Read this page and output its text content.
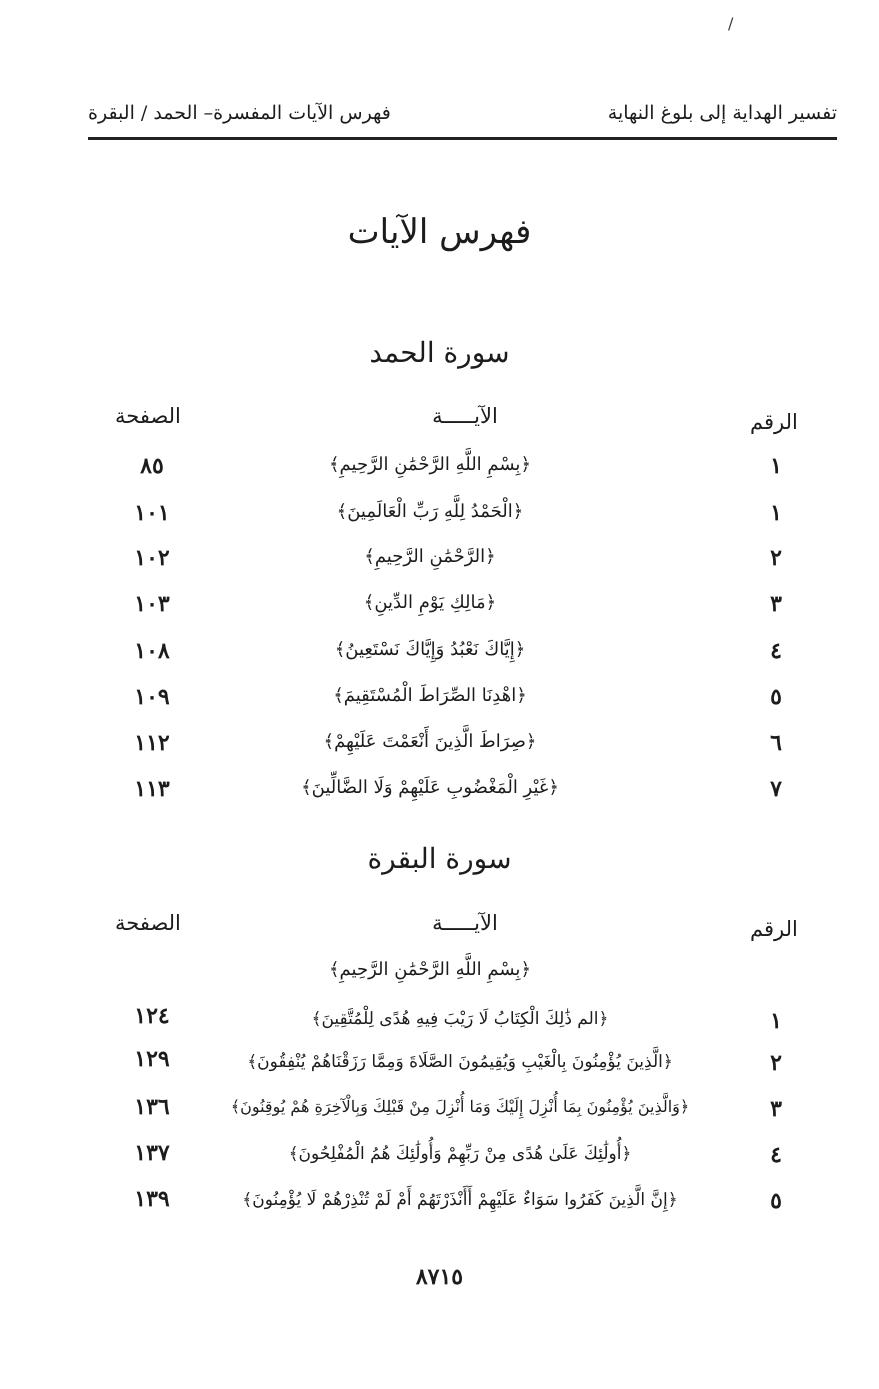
/
تفسير الهداية إلى بلوغ النهاية
فهرس الآيات المفسرة– الحمد / البقرة
فهرس الآيات
سورة الحمد
الرقم
الآيـــــة
الصفحة
١
﴿بِسْمِ اللَّهِ الرَّحْمَٰنِ الرَّحِيمِ﴾
٨٥
١
﴿الْحَمْدُ لِلَّهِ رَبِّ الْعَالَمِينَ﴾
١٠١
٢
﴿الرَّحْمَٰنِ الرَّحِيمِ﴾
١٠٢
٣
﴿مَالِكِ يَوْمِ الدِّينِ﴾
١٠٣
٤
﴿إِيَّاكَ نَعْبُدُ وَإِيَّاكَ نَسْتَعِينُ﴾
١٠٨
٥
﴿اهْدِنَا الصِّرَاطَ الْمُسْتَقِيمَ﴾
١٠٩
٦
﴿صِرَاطَ الَّذِينَ أَنْعَمْتَ عَلَيْهِمْ﴾
١١٢
٧
﴿غَيْرِ الْمَغْضُوبِ عَلَيْهِمْ وَلَا الضَّالِّينَ﴾
١١٣
سورة البقرة
الرقم
الآيـــــة
الصفحة
﴿بِسْمِ اللَّهِ الرَّحْمَٰنِ الرَّحِيمِ﴾
١
﴿الم ذَٰلِكَ الْكِتَابُ لَا رَيْبَ فِيهِ هُدًى لِلْمُتَّقِينَ﴾
١٢٤
٢
﴿الَّذِينَ يُؤْمِنُونَ بِالْغَيْبِ وَيُقِيمُونَ الصَّلَاةَ وَمِمَّا رَزَقْنَاهُمْ يُنْفِقُونَ﴾
١٢٩
٣
﴿وَالَّذِينَ يُؤْمِنُونَ بِمَا أُنْزِلَ إِلَيْكَ وَمَا أُنْزِلَ مِنْ قَبْلِكَ وَبِالْآخِرَةِ هُمْ يُوقِنُونَ﴾
١٣٦
٤
﴿أُولَٰئِكَ عَلَىٰ هُدًى مِنْ رَبِّهِمْ وَأُولَٰئِكَ هُمُ الْمُفْلِحُونَ﴾
١٣٧
٥
﴿إِنَّ الَّذِينَ كَفَرُوا سَوَاءٌ عَلَيْهِمْ أَأَنْذَرْتَهُمْ أَمْ لَمْ تُنْذِرْهُمْ لَا يُؤْمِنُونَ﴾
١٣٩
٨٧١٥
